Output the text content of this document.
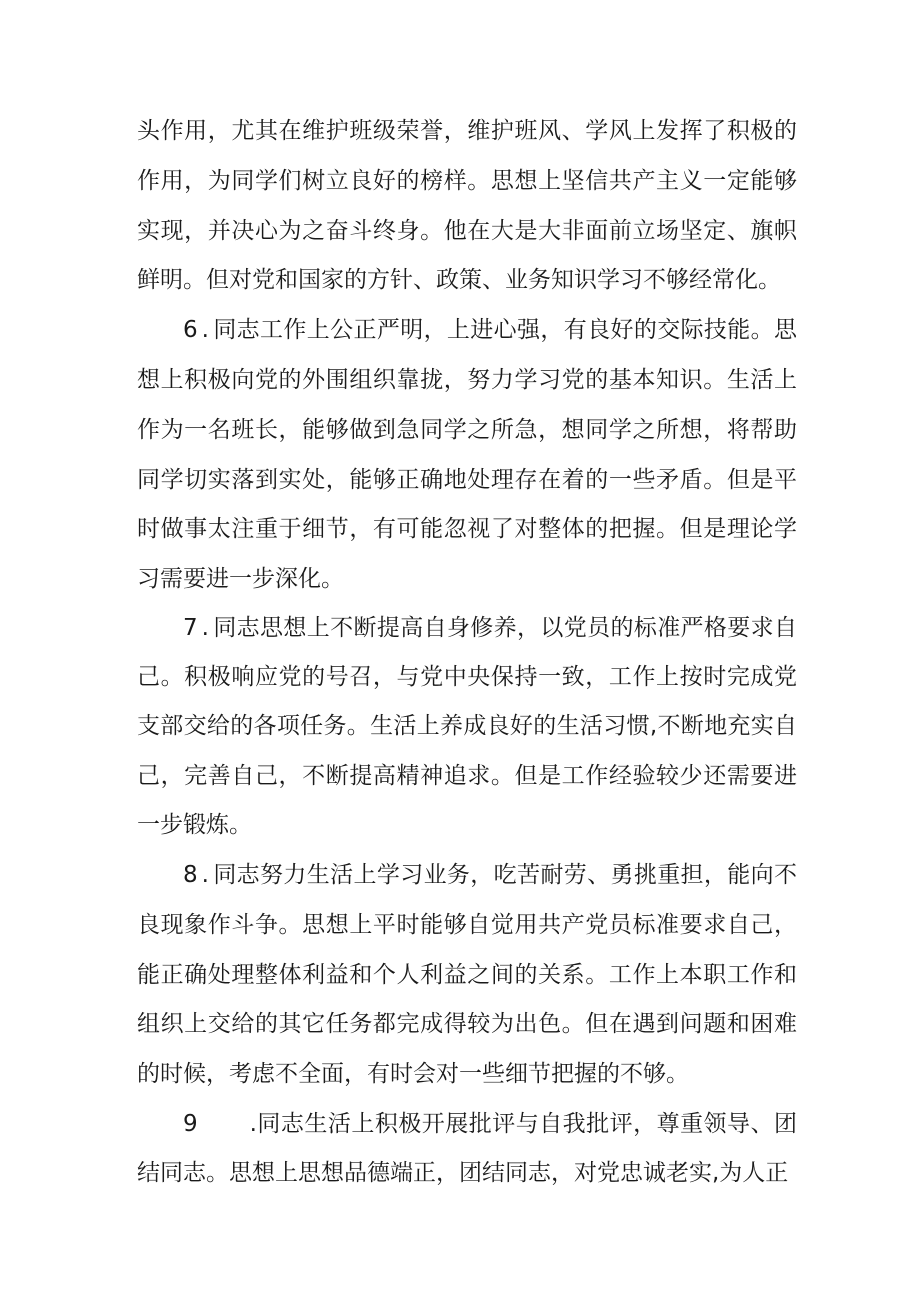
头作用，尤其在维护班级荣誉，维护班风、学风上发挥了积极的

作用，为同学们树立良好的榜样。思想上坚信共产主义一定能够

实现，并决心为之奋斗终身。他在大是大非面前立场坚定、旗帜

鲜明。但对党和国家的方针、政策、业务知识学习不够经常化。

6.同志工作上公正严明，上进心强，有良好的交际技能。思

想上积极向党的外围组织靠拢，努力学习党的基本知识。生活上

作为一名班长，能够做到急同学之所急，想同学之所想，将帮助

同学切实落到实处，能够正确地处理存在着的一些矛盾。但是平

时做事太注重于细节，有可能忽视了对整体的把握。但是理论学

习需要进一步深化。

7.同志思想上不断提高自身修养，以党员的标准严格要求自

己。积极响应党的号召，与党中央保持一致，工作上按时完成党

支部交给的各项任务。生活上养成良好的生活习惯,不断地充实自

己，完善自己，不断提高精神追求。但是工作经验较少还需要进

一步锻炼。

8.同志努力生活上学习业务，吃苦耐劳、勇挑重担，能向不

良现象作斗争。思想上平时能够自觉用共产党员标准要求自己，

能正确处理整体利益和个人利益之间的关系。工作上本职工作和

组织上交给的其它任务都完成得较为出色。但在遇到问题和困难

的时候，考虑不全面，有时会对一些细节把握的不够。

9 .同志生活上积极开展批评与自我批评，尊重领导、团

结同志。思想上思想品德端正，团结同志，对党忠诚老实,为人正
